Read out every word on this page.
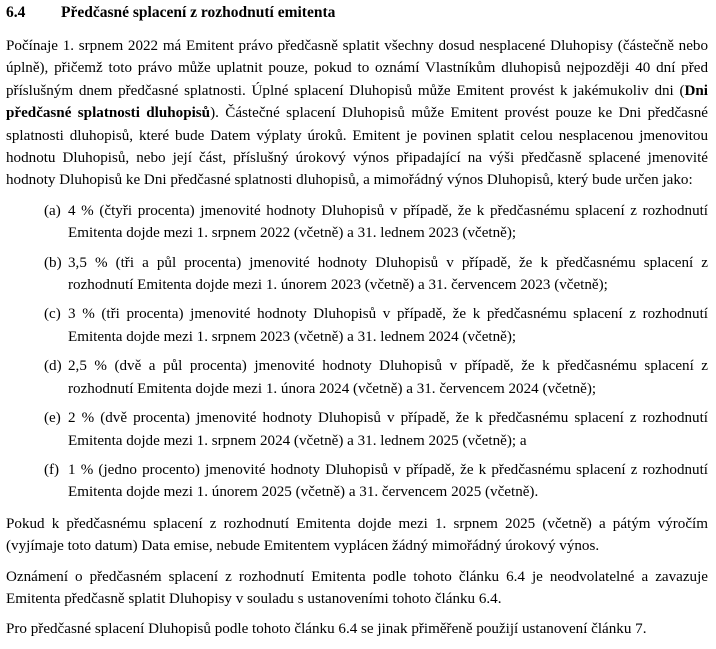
6.4	Předčasné splacení z rozhodnutí emitenta

Počínaje 1. srpnem 2022 má Emitent právo předčasně splatit všechny dosud nesplacené Dluhopisy (částečně nebo úplně), přičemž toto právo může uplatnit pouze, pokud to oznámí Vlastníkům dluhopisů nejpozději 40 dní před příslušným dnem předčasné splatnosti. Úplné splacení Dluhopisů může Emitent provést k jakémukoliv dni (Dni předčasné splatnosti dluhopisů). Částečné splacení Dluhopisů může Emitent provést pouze ke Dni předčasné splatnosti dluhopisů, které bude Datem výplaty úroků. Emitent je povinen splatit celou nesplacenou jmenovitou hodnotu Dluhopisů, nebo její část, příslušný úrokový výnos připadající na výši předčasně splacené jmenovité hodnoty Dluhopisů ke Dni předčasné splatnosti dluhopisů, a mimořádný výnos Dluhopisů, který bude určen jako:

(a) 4 % (čtyři procenta) jmenovité hodnoty Dluhopisů v případě, že k předčasnému splacení z rozhodnutí Emitenta dojde mezi 1. srpnem 2022 (včetně) a 31. lednem 2023 (včetně);
(b) 3,5 % (tři a půl procenta) jmenovité hodnoty Dluhopisů v případě, že k předčasnému splacení z rozhodnutí Emitenta dojde mezi 1. únorem 2023 (včetně) a 31. červencem 2023 (včetně);
(c) 3 % (tři procenta) jmenovité hodnoty Dluhopisů v případě, že k předčasnému splacení z rozhodnutí Emitenta dojde mezi 1. srpnem 2023 (včetně) a 31. lednem 2024 (včetně);
(d) 2,5 % (dvě a půl procenta) jmenovité hodnoty Dluhopisů v případě, že k předčasnému splacení z rozhodnutí Emitenta dojde mezi 1. února 2024 (včetně) a 31. červencem 2024 (včetně);
(e) 2 % (dvě procenta) jmenovité hodnoty Dluhopisů v případě, že k předčasnému splacení z rozhodnutí Emitenta dojde mezi 1. srpnem 2024 (včetně) a 31. lednem 2025 (včetně); a
(f) 1 % (jedno procento) jmenovité hodnoty Dluhopisů v případě, že k předčasnému splacení z rozhodnutí Emitenta dojde mezi 1. únorem 2025 (včetně) a 31. červencem 2025 (včetně).

Pokud k předčasnému splacení z rozhodnutí Emitenta dojde mezi 1. srpnem 2025 (včetně) a pátým výročím (vyjímaje toto datum) Data emise, nebude Emitentem vyplácen žádný mimořádný úrokový výnos.

Oznámení o předčasném splacení z rozhodnutí Emitenta podle tohoto článku 6.4 je neodvolatelné a zavazuje Emitenta předčasně splatit Dluhopisy v souladu s ustanoveními tohoto článku 6.4.

Pro předčasné splacení Dluhopisů podle tohoto článku 6.4 se jinak přiměřeně použijí ustanovení článku 7.
